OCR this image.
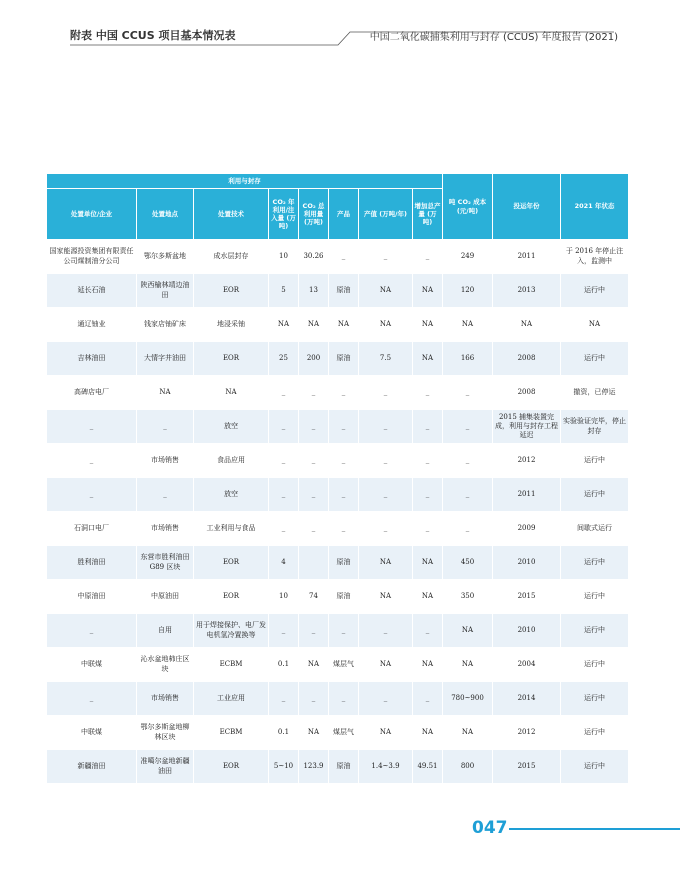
附表 中国 CCUS 项目基本情况表	中国二氧化碳捕集利用与封存 (CCUS) 年度报告 (2021)
利用与封存								吨 CO₂ 成本 (元/吨)	投运年份	2021 年状态
处置单位/企业	处置地点	处置技术	CO₂ 年利用/注入量 (万吨)	CO₂ 总利用量 (万吨)	产品	产值 (万吨/年)	增加总产量 (万吨)			
国家能源投资集团有限责任公司煤制油分公司	鄂尔多斯盆地	成水层封存	10	30.26	_	_	_	249	2011	于 2016 年停止注入，监测中
延长石油	陕西榆林靖边油田	EOR	5	13	原油	NA	NA	120	2013	运行中
通辽铀业	钱家店铀矿床	地浸采铀	NA	NA	NA	NA	NA	NA	NA	NA
吉林油田	大情字井油田	EOR	25	200	原油	7.5	NA	166	2008	运行中
高碑店电厂	NA	NA	_	_	_	_	_	_	2008	撤资，已停运
_	_	放空	_	_	_	_	_	_	2015 捕集装置完成，利用与封存工程延迟	实验验证完毕，停止封存
_	市场销售	食品应用	_	_	_	_	_	_	2012	运行中
_	_	放空	_	_	_	_	_	_	2011	运行中
石洞口电厂	市场销售	工业利用与食品	_	_	_	_	_	_	2009	间歇式运行
胜利油田	东营市胜利油田 G89 区块	EOR	4		原油	NA	NA	450	2010	运行中
中原油田	中原油田	EOR	10	74	原油	NA	NA	350	2015	运行中
_	自用	用于焊接保护、电厂发电机氢冷置换等	_	_	_	_	_	NA	2010	运行中
中联煤	沁水盆地柿庄区块	ECBM	0.1	NA	煤层气	NA	NA	NA	2004	运行中
_	市场销售	工业应用	_	_	_	_	_	780~900	2014	运行中
中联煤	鄂尔多斯盆地柳林区块	ECBM	0.1	NA	煤层气	NA	NA	NA	2012	运行中
新疆油田	准噶尔盆地新疆油田	EOR	5~10	123.9	原油	1.4~3.9	49.51	800	2015	运行中
047
